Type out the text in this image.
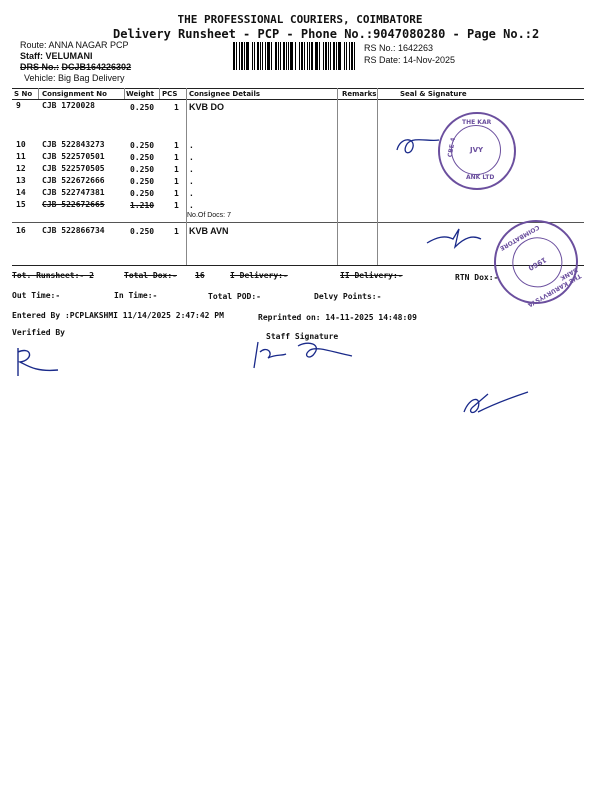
THE PROFESSIONAL COURIERS, COIMBATORE
Delivery Runsheet - PCP - Phone No.:9047080280 - Page No.:2
Route: ANNA NAGAR PCP
Staff: VELUMANI
DRS No.: DCJB164226302
Vehicle: Big Bag Delivery
RS No.: 1642263
RS Date: 14-Nov-2025
S No Consignment No	Weight PCS Consignee Details	Remarks	Seal & Signature
9	CJB 1720028	0.250 1 KVB DO
10 CJB 522843273	0.250 1 .
11 CJB 522570501	0.250 1 .
12 CJB 522570505	0.250 1 .
13 CJB 522672666	0.250 1 .
14 CJB 522747381	0.250 1 .
15 CJB 522672665	1.210 1 .
No.Of Docs: 7
16 CJB 522866734	0.250 1 KVB AVN
THE KAR
CBE-4
ANK LTD
JVY
THE KARURVYSYA BANK
COIMBATORE
1960
Tot. Runsheet:- 2	Total Dox:- 16	I Delivery:-	II Delivery:-	RTN Dox:-
Out Time:-	In Time:-	Total POD:-	Delvy Points:-
Entered By :PCPLAKSHMI 11/14/2025 2:47:42 PM	Reprinted on: 14-11-2025 14:48:09
Verified By	Staff Signature
